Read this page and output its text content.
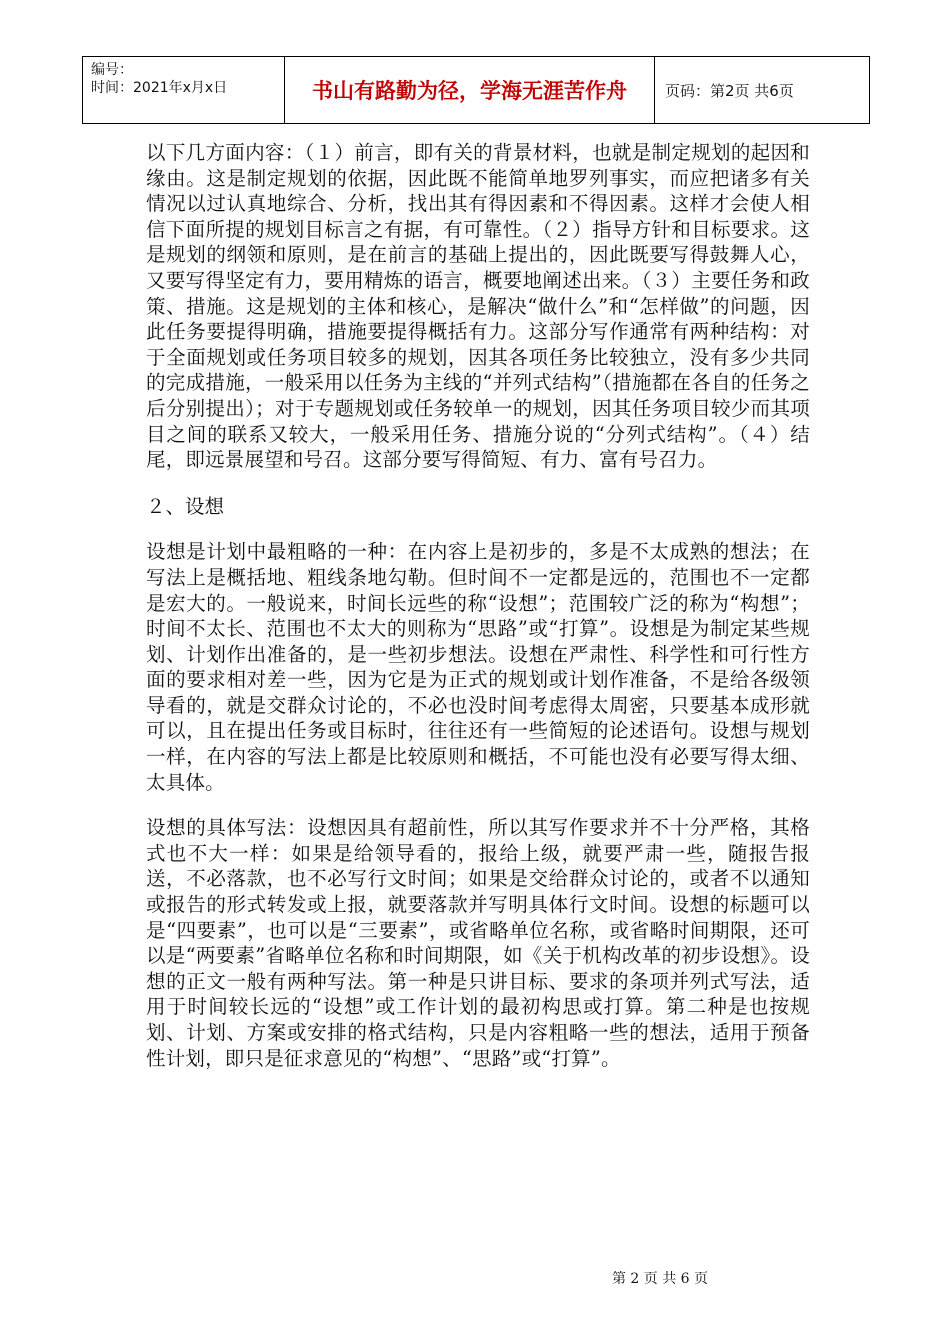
编号：
时间：2021年x月x日	书山有路勤为径，学海无涯苦作舟	页码：第2页 共6页

以下几方面内容：（１）前言，即有关的背景材料，也就是制定规划的起因和缘由。这是制定规划的依据，因此既不能简单地罗列事实，而应把诸多有关情况以过认真地综合、分析，找出其有得因素和不得因素。这样才会使人相信下面所提的规划目标言之有据，有可靠性。（２）指导方针和目标要求。这是规划的纲领和原则，是在前言的基础上提出的，因此既要写得鼓舞人心，又要写得坚定有力，要用精炼的语言，概要地阐述出来。（３）主要任务和政策、措施。这是规划的主体和核心，是解决“做什么”和“怎样做”的问题，因此任务要提得明确，措施要提得概括有力。这部分写作通常有两种结构：对于全面规划或任务项目较多的规划，因其各项任务比较独立，没有多少共同的完成措施，一般采用以任务为主线的“并列式结构”（措施都在各自的任务之后分别提出）；对于专题规划或任务较单一的规划，因其任务项目较少而其项目之间的联系又较大，一般采用任务、措施分说的“分列式结构”。（４）结尾，即远景展望和号召。这部分要写得简短、有力、富有号召力。

２、设想

设想是计划中最粗略的一种：在内容上是初步的，多是不太成熟的想法；在写法上是概括地、粗线条地勾勒。但时间不一定都是远的，范围也不一定都是宏大的。一般说来，时间长远些的称“设想”；范围较广泛的称为“构想”；时间不太长、范围也不太大的则称为“思路”或“打算”。设想是为制定某些规划、计划作出准备的，是一些初步想法。设想在严肃性、科学性和可行性方面的要求相对差一些，因为它是为正式的规划或计划作准备，不是给各级领导看的，就是交群众讨论的，不必也没时间考虑得太周密，只要基本成形就可以，且在提出任务或目标时，往往还有一些简短的论述语句。设想与规划一样，在内容的写法上都是比较原则和概括，不可能也没有必要写得太细、太具体。

设想的具体写法：设想因具有超前性，所以其写作要求并不十分严格，其格式也不大一样：如果是给领导看的，报给上级，就要严肃一些，随报告报送，不必落款，也不必写行文时间；如果是交给群众讨论的，或者不以通知或报告的形式转发或上报，就要落款并写明具体行文时间。设想的标题可以是“四要素”，也可以是“三要素”，或省略单位名称，或省略时间期限，还可以是“两要素”省略单位名称和时间期限，如《关于机构改革的初步设想》。设想的正文一般有两种写法。第一种是只讲目标、要求的条项并列式写法，适用于时间较长远的“设想”或工作计划的最初构思或打算。第二种是也按规划、计划、方案或安排的格式结构，只是内容粗略一些的想法，适用于预备性计划，即只是征求意见的“构想”、“思路”或“打算”。

第 2 页 共 6 页
